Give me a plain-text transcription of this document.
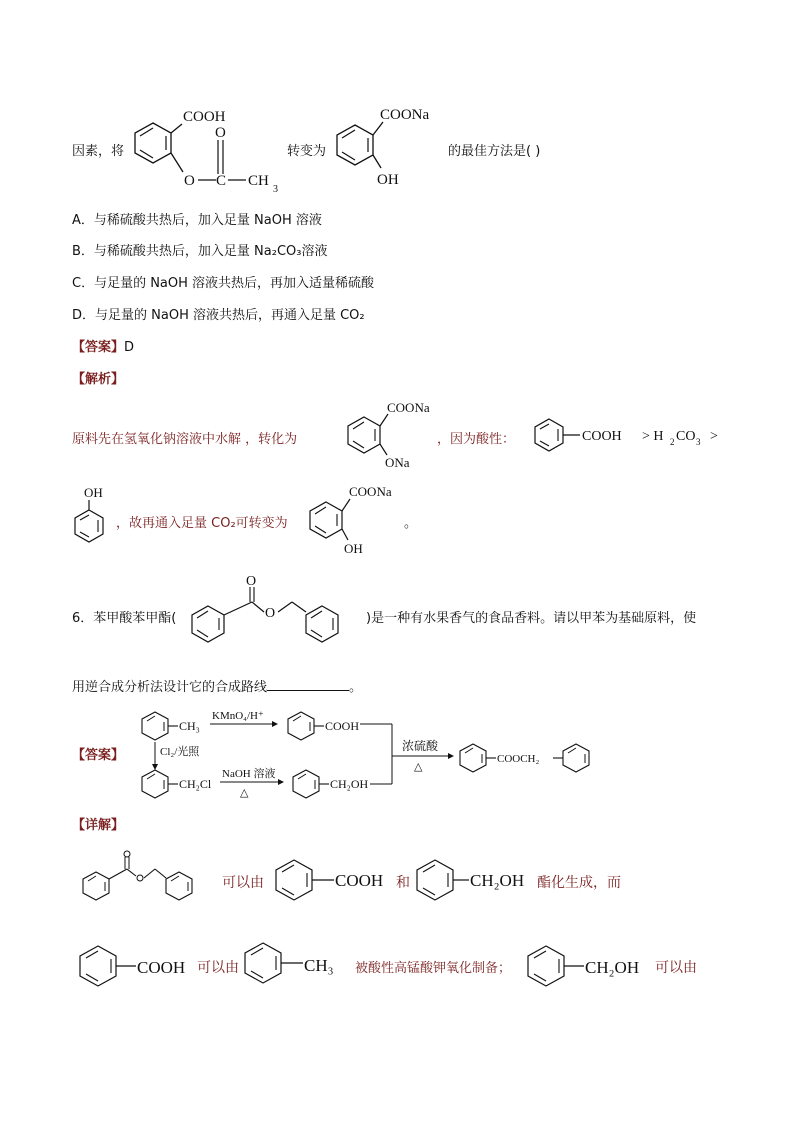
因素，将
COOH
O
O
C CH
3
转变为
COONa
OH
的最佳方法是( )
A．与稀硫酸共热后，加入足量 NaOH 溶液
B．与稀硫酸共热后，加入足量 Na₂CO₃溶液
C．与足量的 NaOH 溶液共热后，再加入适量稀硫酸
D．与足量的 NaOH 溶液共热后，再通入足量 CO₂
【答案】D
【解析】
原料先在氢氧化钠溶液中水解 ，转化为
COONa
ONa
，因为酸性：	COOH > H 2 CO 3 >
OH
，故再通入足量 CO₂可转变为
COONa
OH
。
6．苯甲酸苯甲酯(
O
O	)是一种有水果香气的食品香料。请以甲苯为基础原料，使
用逆合成分析法设计它的合成路线	。
【答案】
CH₃
KMnO₄/H⁺
COOH
Cl₂/光照
CH₂Cl
NaOH 溶液
△
CH₂OH
浓硫酸
△
COOCH₂
【详解】
可以由	COOH 和	CH₂OH 酯化生成，而
COOH 可以由	CH₃ 被酸性高锰酸钾氧化制备；	CH₂OH 可以由
